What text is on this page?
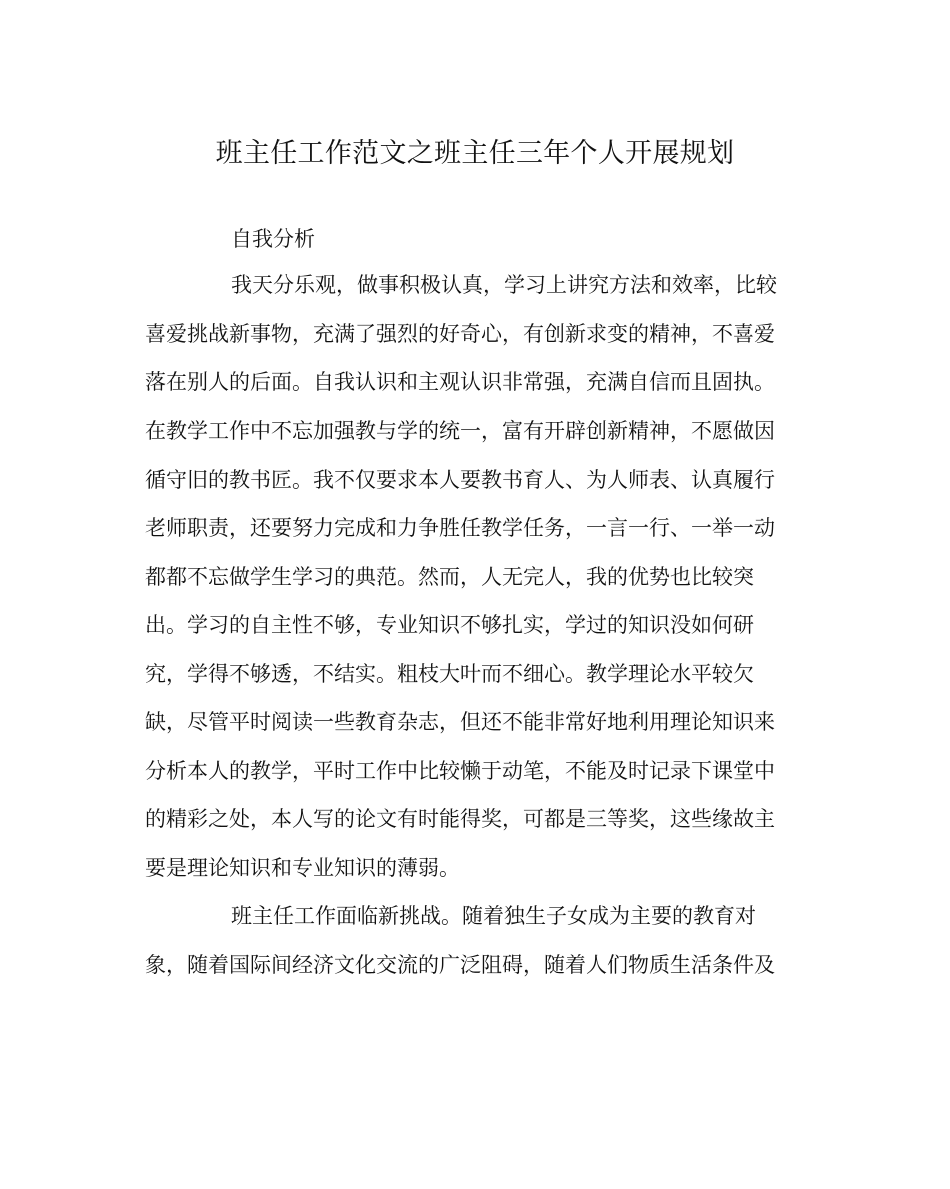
班主任工作范文之班主任三年个人开展规划
自我分析
我天分乐观，做事积极认真，学习上讲究方法和效率，比较
喜爱挑战新事物，充满了强烈的好奇心，有创新求变的精神，不喜爱
落在别人的后面。自我认识和主观认识非常强，充满自信而且固执。
在教学工作中不忘加强教与学的统一，富有开辟创新精神，不愿做因
循守旧的教书匠。我不仅要求本人要教书育人、为人师表、认真履行
老师职责，还要努力完成和力争胜任教学任务，一言一行、一举一动
都都不忘做学生学习的典范。然而，人无完人，我的优势也比较突
出。学习的自主性不够，专业知识不够扎实，学过的知识没如何研
究，学得不够透，不结实。粗枝大叶而不细心。教学理论水平较欠
缺，尽管平时阅读一些教育杂志，但还不能非常好地利用理论知识来
分析本人的教学，平时工作中比较懒于动笔，不能及时记录下课堂中
的精彩之处，本人写的论文有时能得奖，可都是三等奖，这些缘故主
要是理论知识和专业知识的薄弱。
班主任工作面临新挑战。随着独生子女成为主要的教育对
象，随着国际间经济文化交流的广泛阻碍，随着人们物质生活条件及
